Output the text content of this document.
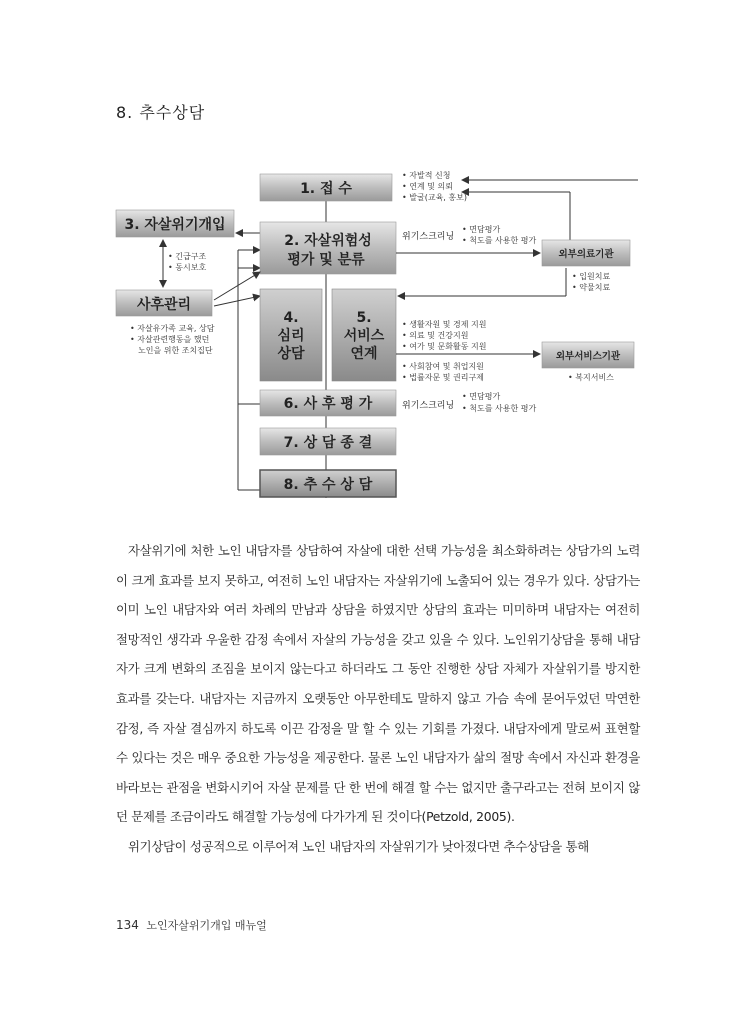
8. 추수상담
1. 접 수
• 자발적 신청
• 연계 및 의뢰
• 발굴(교육, 홍보)
3. 자살위기개입
2. 자살위험성
평가 및 분류
위기스크리닝
• 면담평가
• 척도를 사용한 평가
외부의료기관
• 입원치료
• 약물치료
• 긴급구조
• 동시보호
사후관리
• 자살유가족 교육, 상담
• 자살관련행동을 했던
노인을 위한 조치집단
4.
심리
상담
5.
서비스
연계
• 생활자원 및 경제 지원
• 의료 및 건강지원
• 여가 및 문화활동 지원
• 사회참여 및 취업지원
• 법률자문 및 권리구제
외부서비스기관
• 복지서비스
6. 사 후 평 가	위기스크리닝
• 면담평가
• 척도를 사용한 평가
7. 상 담 종 결
8. 추 수 상 담

자살위기에 처한 노인 내담자를 상담하여 자살에 대한 선택 가능성을 최소화하려는 상담가의 노력이 크게 효과를 보지 못하고, 여전히 노인 내담자는 자살위기에 노출되어 있는 경우가 있다. 상담가는 이미 노인 내담자와 여러 차례의 만남과 상담을 하였지만 상담의 효과는 미미하며 내담자는 여전히 절망적인 생각과 우울한 감정 속에서 자살의 가능성을 갖고 있을 수 있다. 노인위기상담을 통해 내담자가 크게 변화의 조짐을 보이지 않는다고 하더라도 그 동안 진행한 상담 자체가 자살위기를 방지한 효과를 갖는다. 내담자는 지금까지 오랫동안 아무한테도 말하지 않고 가슴 속에 묻어두었던 막연한 감정, 즉 자살 결심까지 하도록 이끈 감정을 말 할 수 있는 기회를 가졌다. 내담자에게 말로써 표현할 수 있다는 것은 매우 중요한 가능성을 제공한다. 물론 노인 내담자가 삶의 절망 속에서 자신과 환경을 바라보는 관점을 변화시키어 자살 문제를 단 한 번에 해결 할 수는 없지만 출구라고는 전혀 보이지 않던 문제를 조금이라도 해결할 가능성에 다가가게 된 것이다(Petzold, 2005).

위기상담이 성공적으로 이루어져 노인 내담자의 자살위기가 낮아졌다면 추수상담을 통해

134 노인자살위기개입 매뉴얼
